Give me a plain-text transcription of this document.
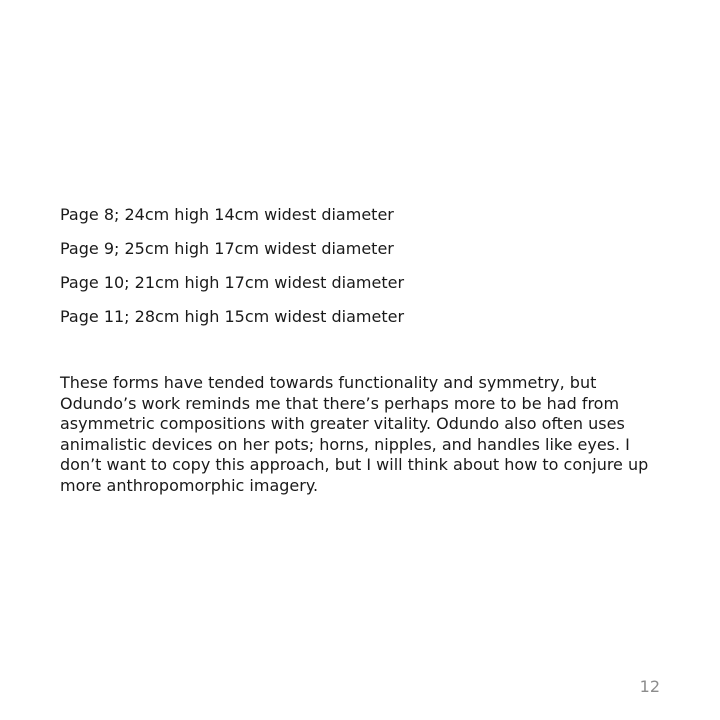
Page 8; 24cm high 14cm widest diameter
Page 9; 25cm high 17cm widest diameter
Page 10; 21cm high 17cm widest diameter
Page 11; 28cm high 15cm widest diameter

These forms have tended towards functionality and symmetry, but Odundo’s work reminds me that there’s perhaps more to be had from asymmetric compositions with greater vitality. Odundo also often uses animalistic devices on her pots; horns, nipples, and handles like eyes. I don’t want to copy this approach, but I will think about how to conjure up more anthropomorphic imagery.

12
